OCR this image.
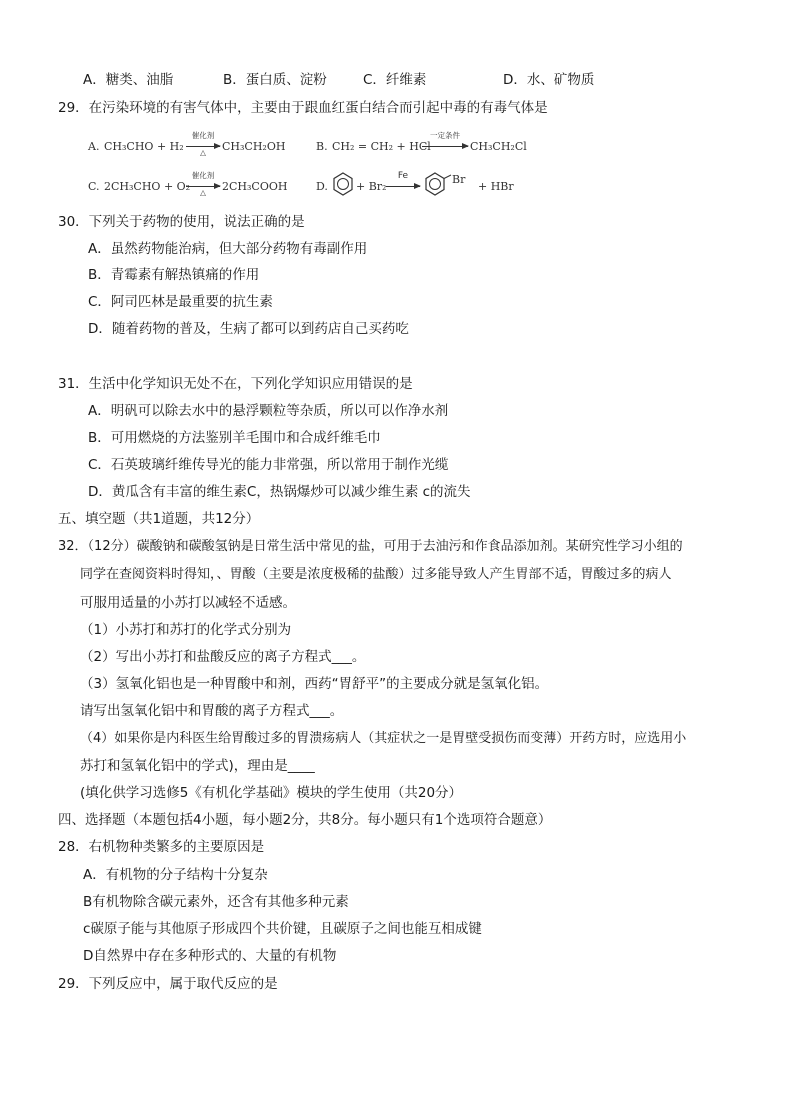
A．糖类、油脂	B．蛋白质、淀粉	C．纤维素	D．水、矿物质
29．在污染环境的有害气体中，主要由于跟血红蛋白结合而引起中毒的有毒气体是
A. CH₃CHO + H₂
催化剂
△	CH₃CH₂OH	B. CH₂ = CH₂ + HCl
一定条件
CH₃CH₂Cl
C. 2CH₃CHO + O₂
催化剂
△	2CH₃COOH	D.	+ Br₂
Fe	Br
+ HBr
30．下列关于药物的使用，说法正确的是
A．虽然药物能治病，但大部分药物有毒副作用
B．青霉素有解热镇痛的作用
C．阿司匹林是最重要的抗生素
D．随着药物的普及，生病了都可以到药店自己买药吃
31．生活中化学知识无处不在，下列化学知识应用错误的是
A．明矾可以除去水中的悬浮颗粒等杂质，所以可以作净水剂
B．可用燃烧的方法鉴别羊毛围巾和合成纤维毛巾
C．石英玻璃纤维传导光的能力非常强，所以常用于制作光缆
D．黄瓜含有丰富的维生素C，热锅爆炒可以减少维生素 c的流失
五、填空题（共1道题，共12分）
32．（12分）碳酸钠和碳酸氢钠是日常生活中常见的盐，可用于去油污和作食品添加剂。某研究性学习小组的
同学在查阅资料时得知，、胃酸（主要是浓度极稀的盐酸）过多能导致人产生胃部不适，胃酸过多的病人
可服用适量的小苏打以减轻不适感。
（1）小苏打和苏打的化学式分别为
（2）写出小苏打和盐酸反应的离子方程式___。
（3）氢氧化铝也是一种胃酸中和剂，西药“胃舒平”的主要成分就是氢氧化铝。
请写出氢氧化铝中和胃酸的离子方程式___。
（4）如果你是内科医生给胃酸过多的胃溃疡病人（其症状之一是胃壁受损伤而变薄）开药方时，应选用小
苏打和氢氧化铝中的学式)，理由是____
(填化供学习选修5《有机化学基础》模块的学生使用（共20分）
四、选择题（本题包括4小题，每小题2分，共8分。每小题只有1个选项符合题意）
28．右机物种类繁多的主要原因是
A．有机物的分子结构十分复杂
B有机物除含碳元素外，还含有其他多种元素
c碳原子能与其他原子形成四个共价键，且碳原子之间也能互相成键
D自然界中存在多种形式的、大量的有机物
29．下列反应中，属于取代反应的是
